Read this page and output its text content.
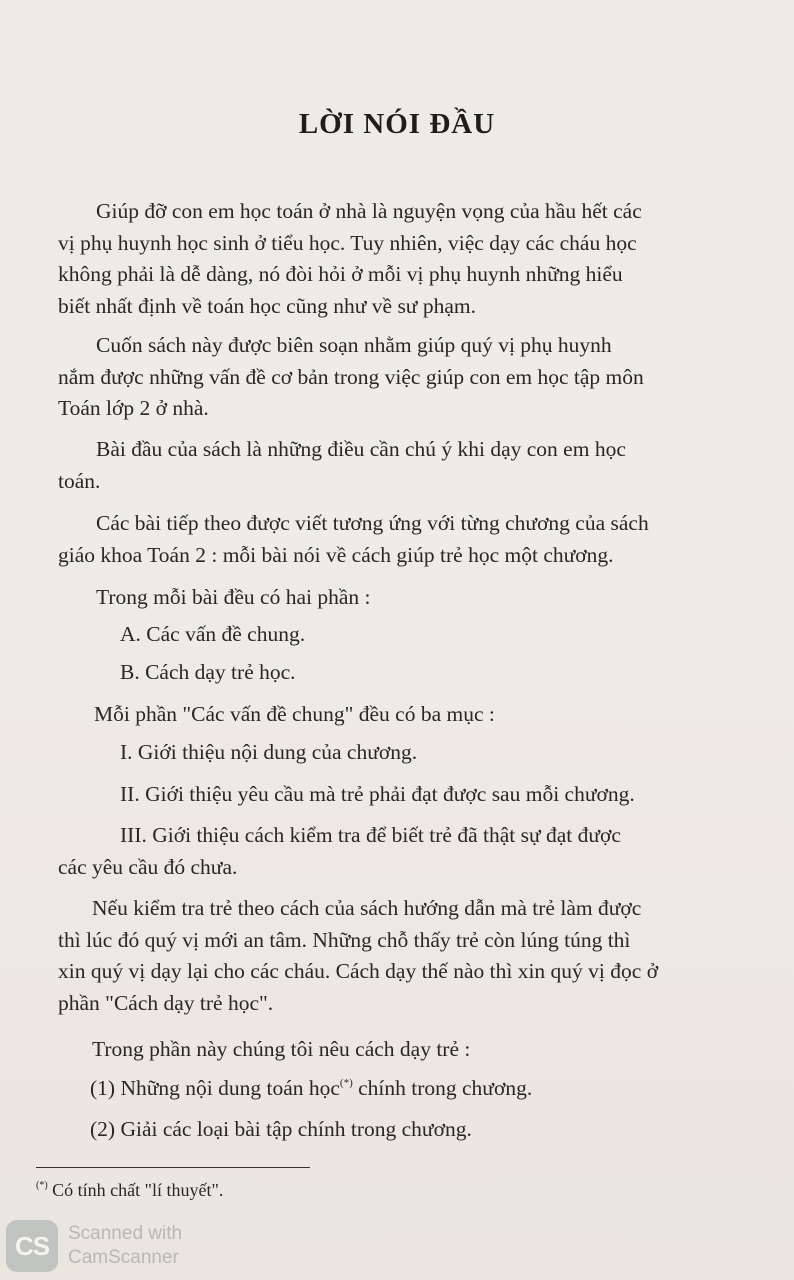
LỜI NÓI ĐẦU

Giúp đỡ con em học toán ở nhà là nguyện vọng của hầu hết các
vị phụ huynh học sinh ở tiểu học. Tuy nhiên, việc dạy các cháu học
không phải là dễ dàng, nó đòi hỏi ở mỗi vị phụ huynh những hiểu
biết nhất định về toán học cũng như về sư phạm.

Cuốn sách này được biên soạn nhằm giúp quý vị phụ huynh
nắm được những vấn đề cơ bản trong việc giúp con em học tập môn
Toán lớp 2 ở nhà.

Bài đầu của sách là những điều cần chú ý khi dạy con em học
toán.

Các bài tiếp theo được viết tương ứng với từng chương của sách
giáo khoa Toán 2 : mỗi bài nói về cách giúp trẻ học một chương.

Trong mỗi bài đều có hai phần :

A. Các vấn đề chung.

B. Cách dạy trẻ học.

Mỗi phần "Các vấn đề chung" đều có ba mục :

I. Giới thiệu nội dung của chương.

II. Giới thiệu yêu cầu mà trẻ phải đạt được sau mỗi chương.

III. Giới thiệu cách kiểm tra để biết trẻ đã thật sự đạt được
các yêu cầu đó chưa.

Nếu kiểm tra trẻ theo cách của sách hướng dẫn mà trẻ làm được
thì lúc đó quý vị mới an tâm. Những chỗ thấy trẻ còn lúng túng thì
xin quý vị dạy lại cho các cháu. Cách dạy thế nào thì xin quý vị đọc ở
phần "Cách dạy trẻ học".

Trong phần này chúng tôi nêu cách dạy trẻ :

(1) Những nội dung toán học(*) chính trong chương.

(2) Giải các loại bài tập chính trong chương.

(*) Có tính chất "lí thuyết".
CS Scanned with
CamScanner
